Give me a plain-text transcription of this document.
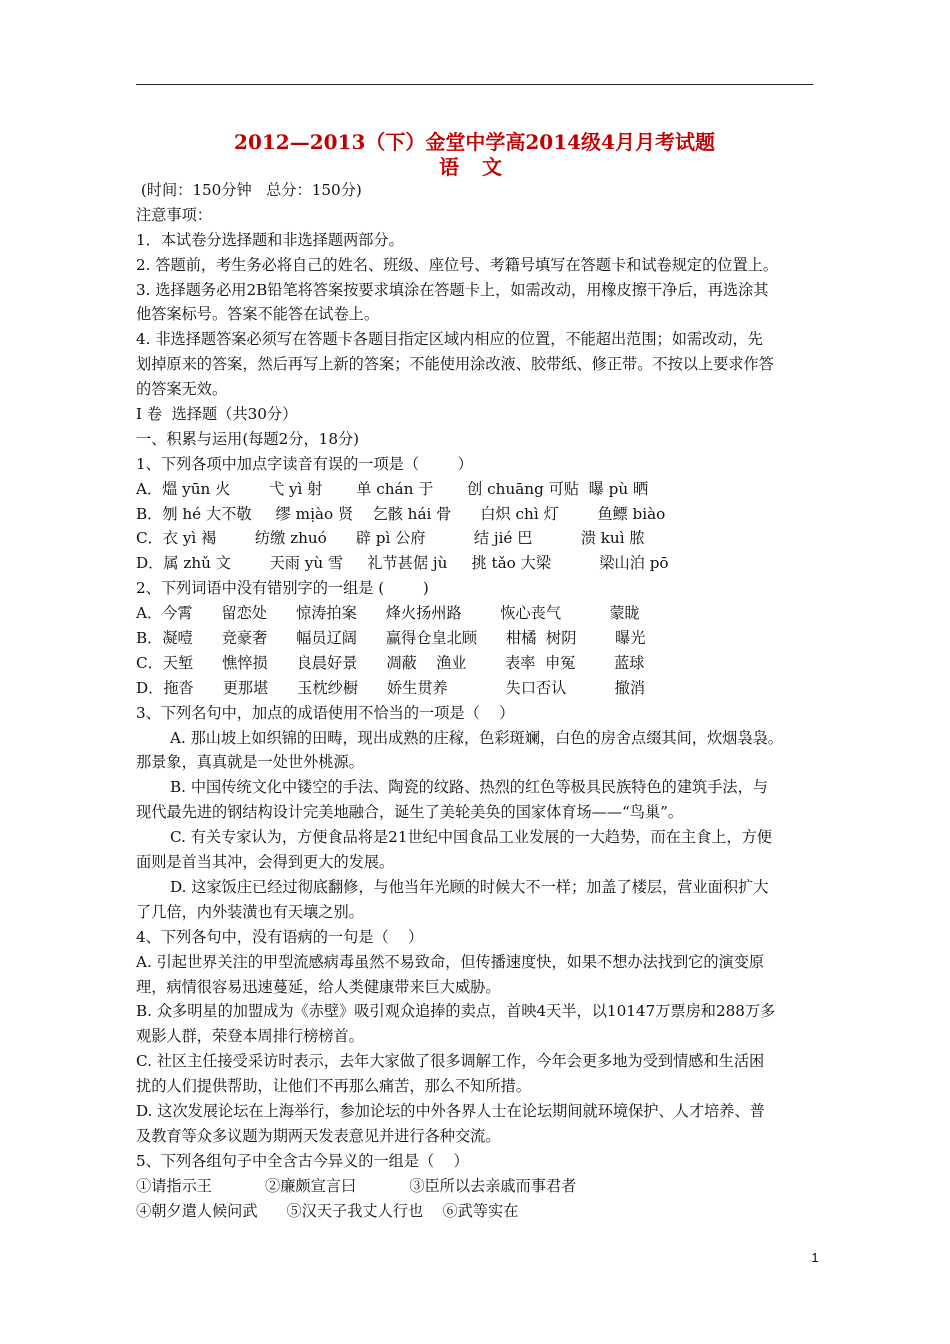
2012—2013（下）金堂中学高2014级4月月考试题
语 文
(时间：150分钟   总分：150分)
注意事项：
1．本试卷分选择题和非选择题两部分。
2. 答题前，考生务必将自己的姓名、班级、座位号、考籍号填写在答题卡和试卷规定的位置上。
3. 选择题务必用2B铅笔将答案按要求填涂在答题卡上，如需改动，用橡皮擦干净后，再选涂其
他答案标号。答案不能答在试卷上。
4. 非选择题答案必须写在答题卡各题目指定区域内相应的位置，不能超出范围；如需改动，先
划掉原来的答案，然后再写上新的答案；不能使用涂改液、胶带纸、修正带。不按以上要求作答
的答案无效。
Ⅰ 卷  选择题（共30分）
一、积累与运用(每题2分，18分)
1、下列各项中加点字读音有误的一项是（        ）
A．熅 yūn 火        弋 yì 射       单 chán 于       创 chuāng 可贴  曝 pù 晒
B．刎 hé 大不敬     缪 mịào 贤    乞骸 hái 骨      白炽 chì 灯        鱼鳔 biào
C．衣 yì 褐        纺缴 zhuó      辟 pì 公府          结 jié 巴          溃 kuì 脓
D．属 zhǔ 文        天雨 yù 雪     礼节甚倨 jù     挑 tǎo 大梁          梁山泊 pō
2、下列词语中没有错别字的一组是 (        )
A．今霄      留恋处      惊涛拍案      烽火扬州路        恢心丧气          蒙眬
B．凝噎      竞豪奢      幅员辽阔      赢得仓皇北顾      柑橘  树阴        曝光
C．天堑      憔悴损      良晨好景      凋蔽    渔业        表率  申冤        蓝球
D．拖沓      更那堪      玉枕纱橱      娇生贯养            失口否认          撤消
3、下列名句中，加点的成语使用不恰当的一项是（    ）
A. 那山坡上如织锦的田畴，现出成熟的庄稼，色彩斑斓，白色的房舍点缀其间，炊烟袅袅。
那景象，真真就是一处世外桃源。
B. 中国传统文化中镂空的手法、陶瓷的纹路、热烈的红色等极具民族特色的建筑手法，与
现代最先进的钢结构设计完美地融合，诞生了美轮美奂的国家体育场——“鸟巢”。
C. 有关专家认为，方便食品将是21世纪中国食品工业发展的一大趋势，而在主食上，方便
面则是首当其冲，会得到更大的发展。
D. 这家饭庄已经过彻底翻修，与他当年光顾的时候大不一样；加盖了楼层，营业面积扩大
了几倍，内外装潢也有天壤之别。
4、下列各句中，没有语病的一句是（    ）
A. 引起世界关注的甲型流感病毒虽然不易致命，但传播速度快，如果不想办法找到它的演变原
理，病情很容易迅速蔓延，给人类健康带来巨大威胁。
B. 众多明星的加盟成为《赤壁》吸引观众追捧的卖点，首映4天半，以10147万票房和288万多
观影人群，荣登本周排行榜榜首。
C. 社区主任接受采访时表示，去年大家做了很多调解工作，今年会更多地为受到情感和生活困
扰的人们提供帮助，让他们不再那么痛苦，那么不知所措。
D. 这次发展论坛在上海举行，参加论坛的中外各界人士在论坛期间就环境保护、人才培养、普
及教育等众多议题为期两天发表意见并进行各种交流。
5、下列各组句子中全含古今异义的一组是（    ）
①请指示王           ②廉颇宣言曰           ③臣所以去亲戚而事君者
④朝夕遣人候问武      ⑤汉天子我丈人行也    ⑥武等实在
1
